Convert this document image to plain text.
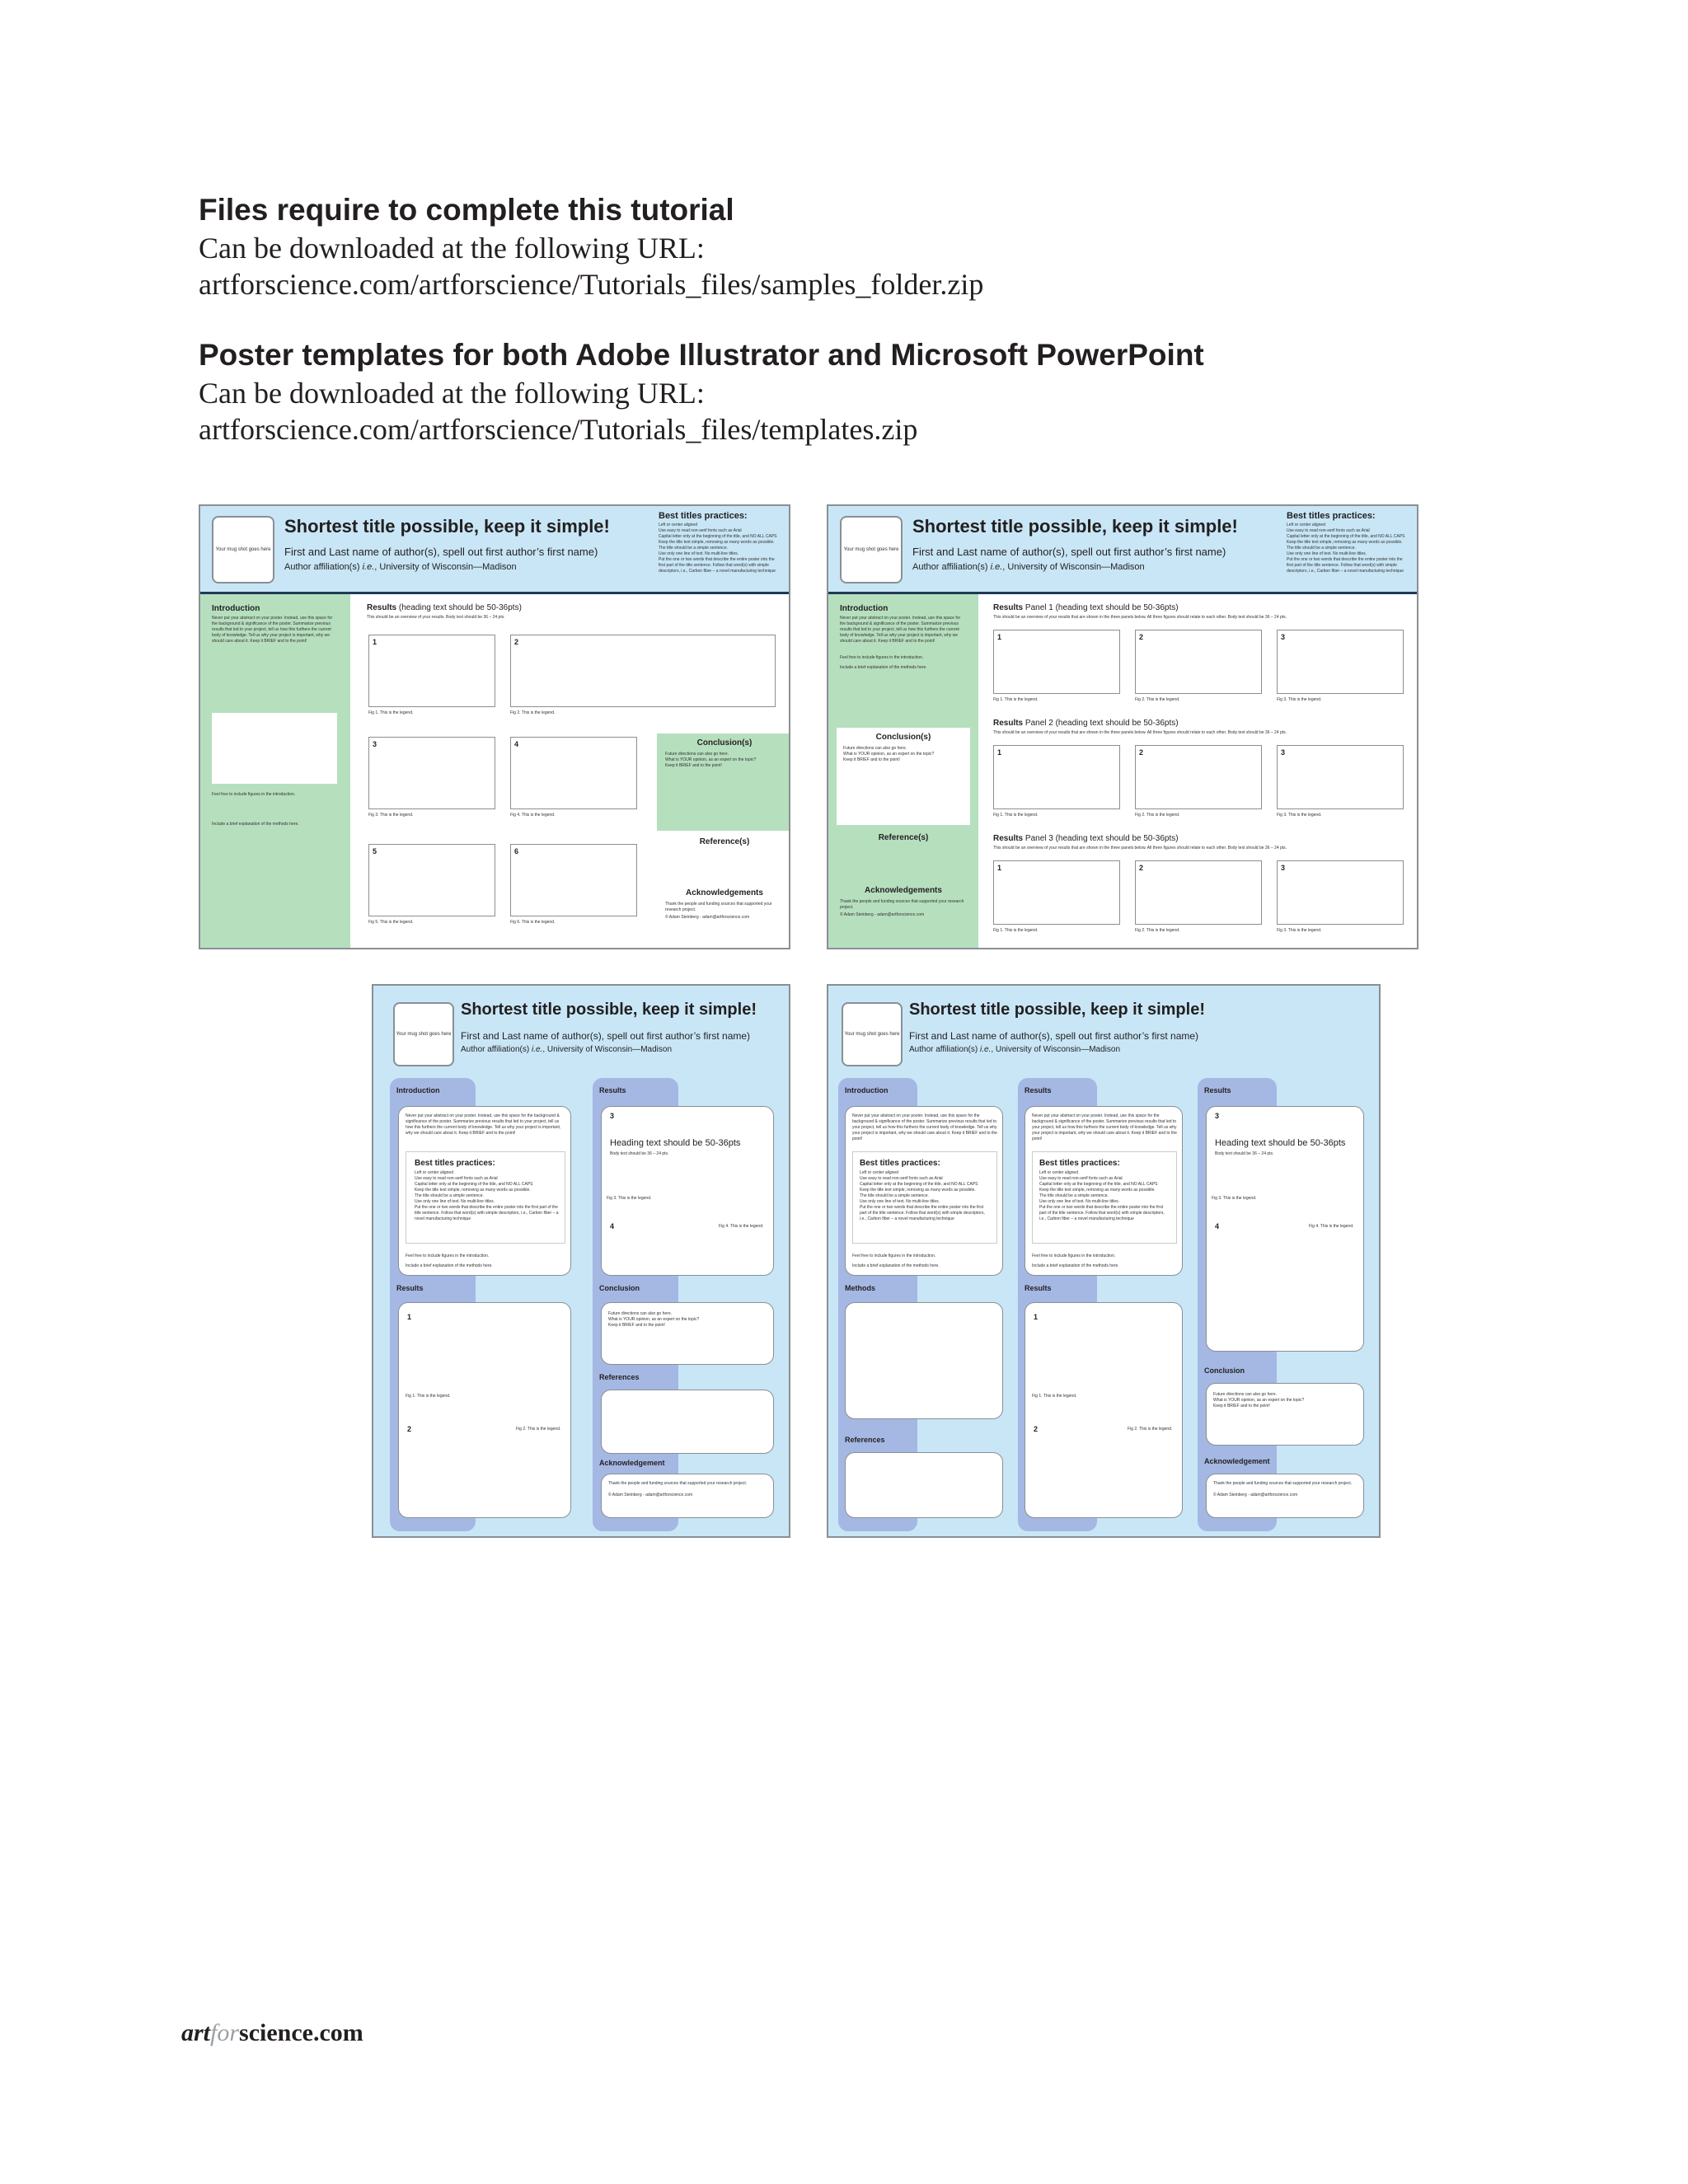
Files require to complete this tutorial
Can be downloaded at the following URL:
artforscience.com/artforscience/Tutorials_files/samples_folder.zip
Poster templates for both Adobe Illustrator and Microsoft PowerPoint
Can be downloaded at the following URL:
artforscience.com/artforscience/Tutorials_files/templates.zip
Your mug shot goes here
Shortest title possible, keep it simple!
First and Last name of author(s), spell out first author’s first name)
Author affiliation(s) i.e., University of Wisconsin—Madison
Best titles practices:
Left or center aligned
Use easy to read non-serif fonts such as Arial
Capital letter only at the beginning of the title, and NO ALL CAPS
Keep the title text simple, removing as many words as possible.
The title should be a simple sentence.
Use only one line of text. No multi-line titles.
Put the one or two words that describe the entire poster into the first part of the title sentence. Follow that word(s) with simple descriptors, i.e., Carbon fiber – a novel manufacturing technique
Introduction
Never put your abstract on your poster. Instead, use this space for the background & significance of the poster. Summarize previous results that led to your project, tell us how this furthers the current body of knowledge. Tell us why your project is important, why we should care about it. Keep it BRIEF and to the point!
Feel free to include figures in the introduction.
Include a brief explanation of the methods here.
Results (heading text should be 50-36pts)
This should be an overview of your results. Body text should be 36 – 24 pts.
1
Fig 1. This is the legend.
2
Fig 2. This is the legend.
3
Fig 3. This is the legend.
4
Fig 4. This is the legend.
5
Fig 5. This is the legend.
6
Fig 6. This is the legend.
Conclusion(s)
Future directions can also go here.
What is YOUR opinion, as an expert on the topic?
Keep it BRIEF and to the point!
Reference(s)
Acknowledgements
Thank the people and funding sources that supported your research project.
© Adam Steinberg - adam@artforscience.com
Your mug shot goes here
Shortest title possible, keep it simple!
First and Last name of author(s), spell out first author’s first name)
Author affiliation(s) i.e., University of Wisconsin—Madison
Best titles practices:
Left or center aligned
Use easy to read non-serif fonts such as Arial
Capital letter only at the beginning of the title, and NO ALL CAPS
Keep the title text simple, removing as many words as possible.
The title should be a simple sentence.
Use only one line of text. No multi-line titles.
Put the one or two words that describe the entire poster into the first part of the title sentence. Follow that word(s) with simple descriptors, i.e., Carbon fiber – a novel manufacturing technique
Introduction
Never put your abstract on your poster. Instead, use this space for the background & significance of the poster. Summarize previous results that led to your project, tell us how this furthers the current body of knowledge. Tell us why your project is important, why we should care about it. Keep it BRIEF and to the point!
Feel free to include figures in the introduction.
Include a brief explanation of the methods here.
Conclusion(s)
Future directions can also go here.
What is YOUR opinion, as an expert on the topic?
Keep it BRIEF and to the point!
Reference(s)
Acknowledgements
Thank the people and funding sources that supported your research project.
© Adam Steinberg - adam@artforscience.com
Results Panel 1 (heading text should be 50-36pts)
This should be an overview of your results that are shown in the three panels below. All three figures should relate to each other. Body text should be 36 – 24 pts.
1
Fig 1. This is the legend.
2
Fig 2. This is the legend.
3
Fig 3. This is the legend.
Results Panel 2 (heading text should be 50-36pts)
This should be an overview of your results that are shown in the three panels below. All three figures should relate to each other. Body text should be 36 – 24 pts.
1
Fig 1. This is the legend.
2
Fig 2. This is the legend.
3
Fig 3. This is the legend.
Results Panel 3 (heading text should be 50-36pts)
This should be an overview of your results that are shown in the three panels below. All three figures should relate to each other. Body text should be 36 – 24 pts.
1
Fig 1. This is the legend.
2
Fig 2. This is the legend.
3
Fig 3. This is the legend.
Your mug shot goes here
Shortest title possible, keep it simple!
First and Last name of author(s), spell out first author’s first name)
Author affiliation(s) i.e., University of Wisconsin—Madison
Introduction
Never put your abstract on your poster. Instead, use this space for the background & significance of the poster. Summarize previous results that led to your project, tell us how this furthers the current body of knowledge. Tell us why your project is important, why we should care about it. Keep it BRIEF and to the point!
Best titles practices:
Left or center aligned
Use easy to read non-serif fonts such as Arial
Capital letter only at the beginning of the title, and NO ALL CAPS
Keep the title text simple, removing as many words as possible.
The title should be a simple sentence.
Use only one line of text. No multi-line titles.
Put the one or two words that describe the entire poster into the first part of the title sentence. Follow that word(s) with simple descriptors, i.e., Carbon fiber – a novel manufacturing technique
Feel free to include figures in the introduction.
Include a brief explanation of the methods here.
Results
1
Fig 1. This is the legend.
2	Fig 2. This is the legend.
Results
3
Heading text should be 50-36pts
Body text should be 36 – 24 pts.
Fig 3. This is the legend.
4	Fig 4. This is the legend.
Conclusion
Future directions can also go here.
What is YOUR opinion, as an expert on the topic?
Keep it BRIEF and to the point!
References
Acknowledgement
Thank the people and funding sources that supported your research project.
© Adam Steinberg - adam@artforscience.com
Your mug shot goes here
Shortest title possible, keep it simple!
First and Last name of author(s), spell out first author’s first name)
Author affiliation(s) i.e., University of Wisconsin—Madison
Introduction
Never put your abstract on your poster. Instead, use this space for the background & significance of the poster. Summarize previous results that led to your project, tell us how this furthers the current body of knowledge. Tell us why your project is important, why we should care about it. Keep it BRIEF and to the point!
Best titles practices:
Left or center aligned
Use easy to read non-serif fonts such as Arial
Capital letter only at the beginning of the title, and NO ALL CAPS
Keep the title text simple, removing as many words as possible.
The title should be a simple sentence.
Use only one line of text. No multi-line titles.
Put the one or two words that describe the entire poster into the first part of the title sentence. Follow that word(s) with simple descriptors, i.e., Carbon fiber – a novel manufacturing technique
Feel free to include figures in the introduction.
Include a brief explanation of the methods here.
Methods
References
Results
Never put your abstract on your poster. Instead, use this space for the background & significance of the poster. Summarize previous results that led to your project, tell us how this furthers the current body of knowledge. Tell us why your project is important, why we should care about it. Keep it BRIEF and to the point!
Best titles practices:
Left or center aligned
Use easy to read non-serif fonts such as Arial
Capital letter only at the beginning of the title, and NO ALL CAPS
Keep the title text simple, removing as many words as possible.
The title should be a simple sentence.
Use only one line of text. No multi-line titles.
Put the one or two words that describe the entire poster into the first part of the title sentence. Follow that word(s) with simple descriptors, i.e., Carbon fiber – a novel manufacturing technique
Feel free to include figures in the introduction.
Include a brief explanation of the methods here.
Results
1
Fig 1. This is the legend.
2	Fig 2. This is the legend.
Results
3
Heading text should be 50-36pts
Body text should be 36 – 24 pts.
Fig 3. This is the legend.
4	Fig 4. This is the legend.
Conclusion
Future directions can also go here.
What is YOUR opinion, as an expert on the topic?
Keep it BRIEF and to the point!
Acknowledgement
Thank the people and funding sources that supported your research project.
© Adam Steinberg - adam@artforscience.com
artforscience.com
